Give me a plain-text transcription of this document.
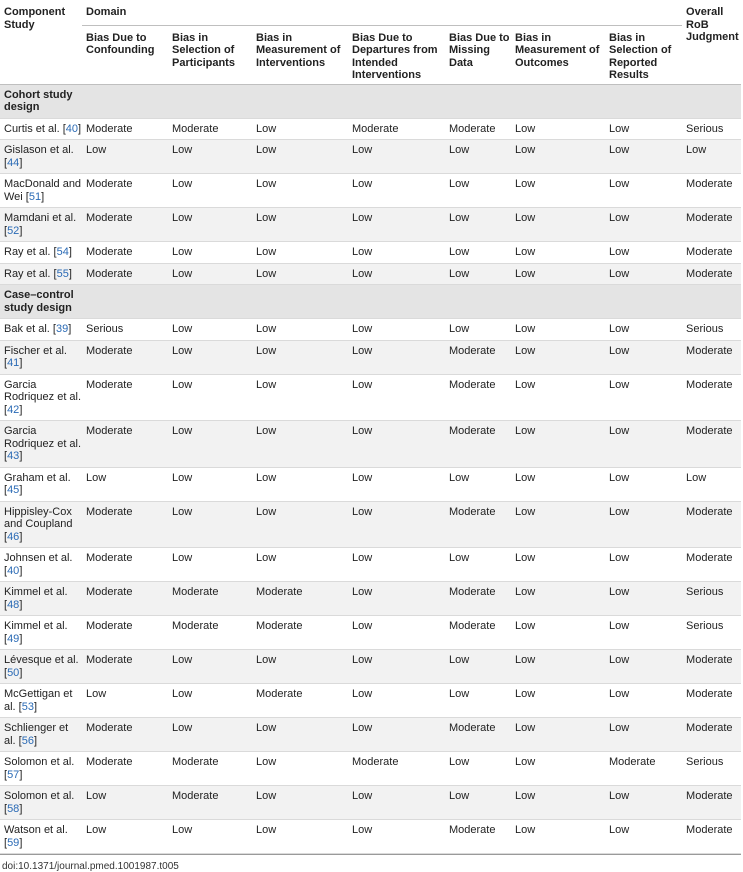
Component Study	Domain							Overall RoB Judgment
	Bias Due to Confounding	Bias in Selection of Participants	Bias in Measurement of Interventions	Bias Due to Departures from Intended Interventions	Bias Due to Missing Data	Bias in Measurement of Outcomes	Bias in Selection of Reported Results	
Cohort study design								
Curtis et al. [40]	Moderate	Moderate	Low	Moderate	Moderate	Low	Low	Serious
Gislason et al. [44]	Low	Low	Low	Low	Low	Low	Low	Low
MacDonald and Wei [51]	Moderate	Low	Low	Low	Low	Low	Low	Moderate
Mamdani et al. [52]	Moderate	Low	Low	Low	Low	Low	Low	Moderate
Ray et al. [54]	Moderate	Low	Low	Low	Low	Low	Low	Moderate
Ray et al. [55]	Moderate	Low	Low	Low	Low	Low	Low	Moderate
Case–control study design								
Bak et al. [39]	Serious	Low	Low	Low	Low	Low	Low	Serious
Fischer et al. [41]	Moderate	Low	Low	Low	Moderate	Low	Low	Moderate
Garcia Rodriquez et al. [42]	Moderate	Low	Low	Low	Moderate	Low	Low	Moderate
Garcia Rodriquez et al. [43]	Moderate	Low	Low	Low	Moderate	Low	Low	Moderate
Graham et al. [45]	Low	Low	Low	Low	Low	Low	Low	Low
Hippisley-Cox and Coupland [46]	Moderate	Low	Low	Low	Moderate	Low	Low	Moderate
Johnsen et al. [40]	Moderate	Low	Low	Low	Low	Low	Low	Moderate
Kimmel et al. [48]	Moderate	Moderate	Moderate	Low	Moderate	Low	Low	Serious
Kimmel et al. [49]	Moderate	Moderate	Moderate	Low	Moderate	Low	Low	Serious
Lévesque et al. [50]	Moderate	Low	Low	Low	Low	Low	Low	Moderate
McGettigan et al. [53]	Low	Low	Moderate	Low	Low	Low	Low	Moderate
Schlienger et al. [56]	Moderate	Low	Low	Low	Moderate	Low	Low	Moderate
Solomon et al. [57]	Moderate	Moderate	Low	Moderate	Low	Low	Moderate	Serious
Solomon et al. [58]	Low	Moderate	Low	Low	Low	Low	Low	Moderate
Watson et al. [59]	Low	Low	Low	Low	Moderate	Low	Low	Moderate
doi:10.1371/journal.pmed.1001987.t005
